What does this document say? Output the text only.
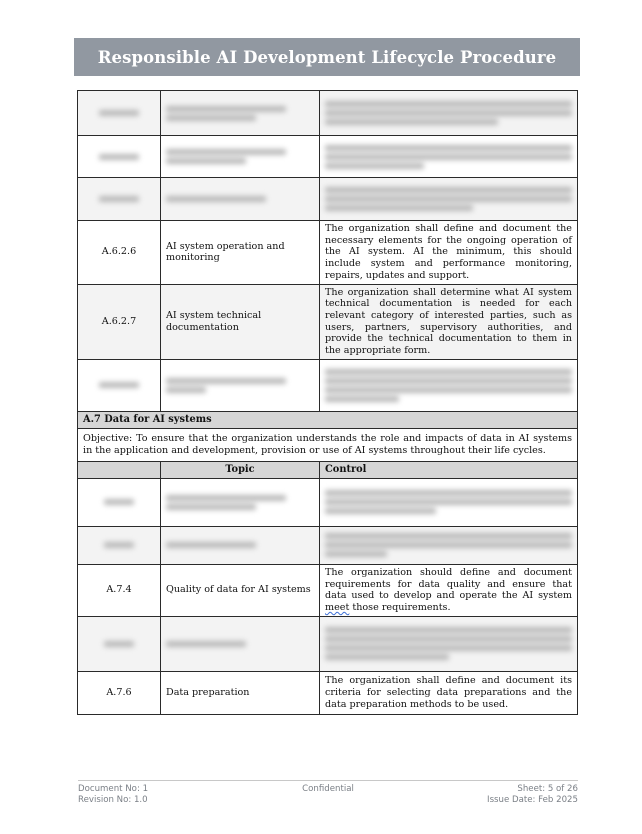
Responsible AI Development Lifecycle Procedure

A.6.2.6	AI system operation and monitoring	The organization shall define and document the necessary elements for the ongoing operation of the AI system. AI the minimum, this should include system and performance monitoring, repairs, updates and support.
A.6.2.7	AI system technical documentation	The organization shall determine what AI system technical documentation is needed for each relevant category of interested parties, such as users, partners, supervisory authorities, and provide the technical documentation to them in the appropriate form.

A.7 Data for AI systems		
Objective: To ensure that the organization understands the role and impacts of data in AI systems in the application and development, provision or use of AI systems throughout their life cycles.		
	Topic	Control

A.7.4	Quality of data for AI systems	The organization should define and document requirements for data quality and ensure that data used to develop and operate the AI system meet those requirements.

A.7.6	Data preparation	The organization shall define and document its criteria for selecting data preparations and the data preparation methods to be used.
Document No: 1	Confidential	Sheet: 5 of 26
Revision No: 1.0	Issue Date: Feb 2025
